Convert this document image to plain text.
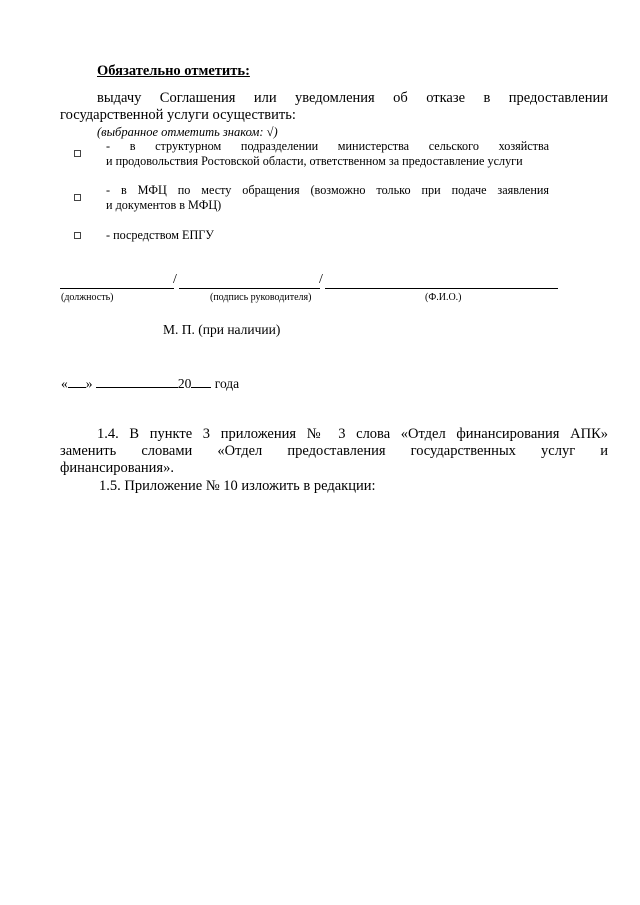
Обязательно отметить:
выдачу Соглашения или уведомления об отказе в предоставлении
государственной услуги осуществить:
(выбранное отметить знаком: √)
- в структурном подразделении министерства сельского хозяйства
и продовольствия Ростовской области, ответственном за предоставление услуги
- в МФЦ по месту обращения (возможно только при подаче заявления
и документов в МФЦ)
- посредством ЕПГУ
/	/
(должность)	(подпись руководителя)	(Ф.И.О.)
М. П. (при наличии)
« »	20 года
1.4. В пункте 3 приложения № 3 слова «Отдел финансирования АПК»
заменить словами «Отдел предоставления государственных услуг и
финансирования».
1.5. Приложение № 10 изложить в редакции:
